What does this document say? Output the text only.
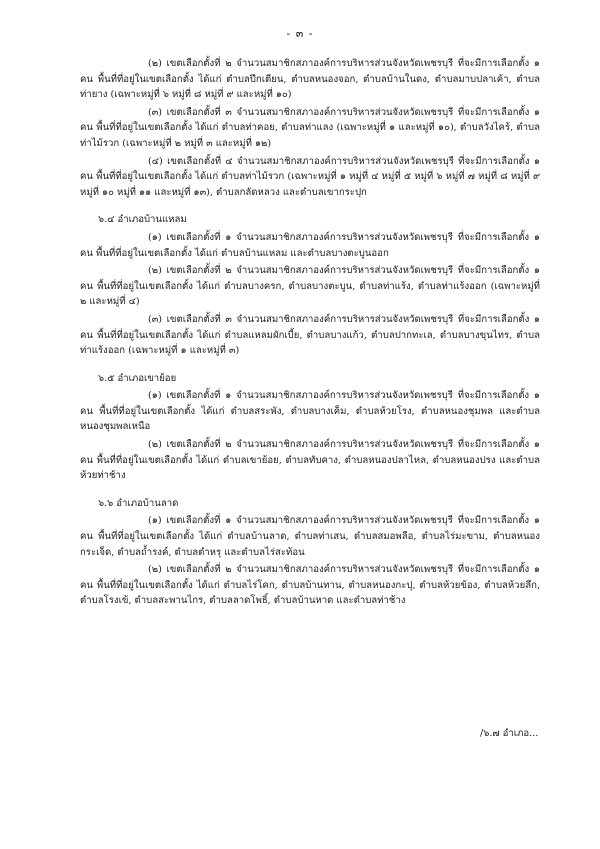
- ๓ -

(๒) เขตเลือกตั้งที่ ๒ จำนวนสมาชิกสภาองค์การบริหารส่วนจังหวัดเพชรบุรี ที่จะมีการเลือกตั้ง ๑ คน พื้นที่ที่อยู่ในเขตเลือกตั้ง ได้แก่ ตำบลปึกเตียน, ตำบลหนองจอก, ตำบลบ้านในดง, ตำบลมาบปลาเค้า, ตำบลท่ายาง (เฉพาะหมู่ที่ ๖ หมู่ที่ ๘ หมู่ที่ ๙ และหมู่ที่ ๑๐)

(๓) เขตเลือกตั้งที่ ๓ จำนวนสมาชิกสภาองค์การบริหารส่วนจังหวัดเพชรบุรี ที่จะมีการเลือกตั้ง ๑ คน พื้นที่ที่อยู่ในเขตเลือกตั้ง ได้แก่ ตำบลท่าคอย, ตำบลท่าแลง (เฉพาะหมู่ที่ ๑ และหมู่ที่ ๑๐), ตำบลวังไคร้, ตำบลท่าไม้รวก (เฉพาะหมู่ที่ ๒ หมู่ที่ ๓ และหมู่ที่ ๑๒)

(๔) เขตเลือกตั้งที่ ๔ จำนวนสมาชิกสภาองค์การบริหารส่วนจังหวัดเพชรบุรี ที่จะมีการเลือกตั้ง ๑ คน พื้นที่ที่อยู่ในเขตเลือกตั้ง ได้แก่ ตำบลท่าไม้รวก (เฉพาะหมู่ที่ ๑ หมู่ที่ ๔ หมู่ที่ ๕ หมู่ที่ ๖ หมู่ที่ ๗ หมู่ที่ ๘ หมู่ที่ ๙ หมู่ที่ ๑๐ หมู่ที่ ๑๑ และหมู่ที่ ๑๓), ตำบลกลัดหลวง และตำบลเขากระปุก

๖.๔ อำเภอบ้านแหลม

(๑) เขตเลือกตั้งที่ ๑ จำนวนสมาชิกสภาองค์การบริหารส่วนจังหวัดเพชรบุรี ที่จะมีการเลือกตั้ง ๑ คน พื้นที่ที่อยู่ในเขตเลือกตั้ง ได้แก่ ตำบลบ้านแหลม และตำบลบางตะบูนออก

(๒) เขตเลือกตั้งที่ ๒ จำนวนสมาชิกสภาองค์การบริหารส่วนจังหวัดเพชรบุรี ที่จะมีการเลือกตั้ง ๑ คน พื้นที่ที่อยู่ในเขตเลือกตั้ง ได้แก่ ตำบลบางครก, ตำบลบางตะบูน, ตำบลท่าแร้ง, ตำบลท่าแร้งออก (เฉพาะหมู่ที่ ๒ และหมู่ที่ ๔)

(๓) เขตเลือกตั้งที่ ๓ จำนวนสมาชิกสภาองค์การบริหารส่วนจังหวัดเพชรบุรี ที่จะมีการเลือกตั้ง ๑ คน พื้นที่ที่อยู่ในเขตเลือกตั้ง ได้แก่ ตำบลแหลมผักเบี้ย, ตำบลบางแก้ว, ตำบลปากทะเล, ตำบลบางขุนไทร, ตำบลท่าแร้งออก (เฉพาะหมู่ที่ ๑ และหมู่ที่ ๓)

๖.๕ อำเภอเขาย้อย

(๑) เขตเลือกตั้งที่ ๑ จำนวนสมาชิกสภาองค์การบริหารส่วนจังหวัดเพชรบุรี ที่จะมีการเลือกตั้ง ๑ คน พื้นที่ที่อยู่ในเขตเลือกตั้ง ได้แก่ ตำบลสระพัง, ตำบลบางเค็ม, ตำบลห้วยโรง, ตำบลหนองชุมพล และตำบลหนองชุมพลเหนือ

(๒) เขตเลือกตั้งที่ ๒ จำนวนสมาชิกสภาองค์การบริหารส่วนจังหวัดเพชรบุรี ที่จะมีการเลือกตั้ง ๑ คน พื้นที่ที่อยู่ในเขตเลือกตั้ง ได้แก่ ตำบลเขาย้อย, ตำบลทับคาง, ตำบลหนองปลาไหล, ตำบลหนองปรง และตำบลห้วยท่าช้าง

๖.๖ อำเภอบ้านลาด

(๑) เขตเลือกตั้งที่ ๑ จำนวนสมาชิกสภาองค์การบริหารส่วนจังหวัดเพชรบุรี ที่จะมีการเลือกตั้ง ๑ คน พื้นที่ที่อยู่ในเขตเลือกตั้ง ได้แก่ ตำบลบ้านลาด, ตำบลท่าเสน, ตำบลสมอพลือ, ตำบลไร่มะขาม, ตำบลหนองกระเจ็ด, ตำบลถ้ำรงค์, ตำบลตำหรุ และตำบลไร่สะท้อน

(๒) เขตเลือกตั้งที่ ๒ จำนวนสมาชิกสภาองค์การบริหารส่วนจังหวัดเพชรบุรี ที่จะมีการเลือกตั้ง ๑ คน พื้นที่ที่อยู่ในเขตเลือกตั้ง ได้แก่ ตำบลไร่โคก, ตำบลบ้านทาน, ตำบลหนองกะปุ, ตำบลห้วยข้อง, ตำบลห้วยลึก, ตำบลโรงเข้, ตำบลสะพานไกร, ตำบลลาดโพธิ์, ตำบลบ้านหาด และตำบลท่าช้าง

/๖.๗ อำเภอ...
